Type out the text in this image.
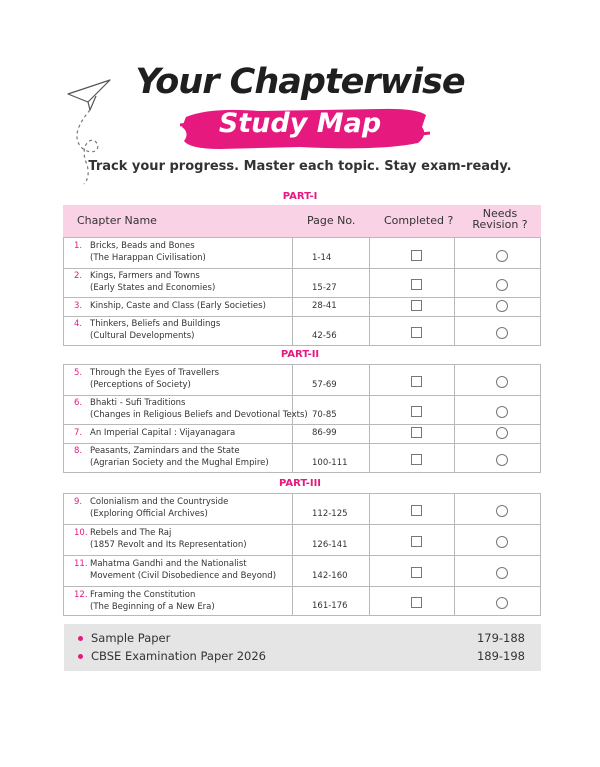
Your Chapterwise
Study Map
Track your progress. Master each topic. Stay exam-ready.
PART-I
Chapter Name	Page No.	Completed ?
Needs
Revision ?
1. Bricks, Beads and Bones
(The Harappan Civilisation)	1-14
2. Kings, Farmers and Towns
(Early States and Economies)	15-27
3. Kinship, Caste and Class (Early Societies)	28-41
4. Thinkers, Beliefs and Buildings
(Cultural Developments)	42-56
PART-II
5. Through the Eyes of Travellers
(Perceptions of Society)	57-69
6. Bhakti - Sufi Traditions
(Changes in Religious Beliefs and Devotional Texts) 70-85
7. An Imperial Capital : Vijayanagara	86-99
8. Peasants, Zamindars and the State
(Agrarian Society and the Mughal Empire)	100-111
PART-III
9. Colonialism and the Countryside
(Exploring Official Archives)	112-125
10. Rebels and The Raj
(1857 Revolt and Its Representation)	126-141
11. Mahatma Gandhi and the Nationalist
Movement (Civil Disobedience and Beyond)	142-160
12. Framing the Constitution
(The Beginning of a New Era)	161-176
Sample Paper	179-188
CBSE Examination Paper 2026	189-198
